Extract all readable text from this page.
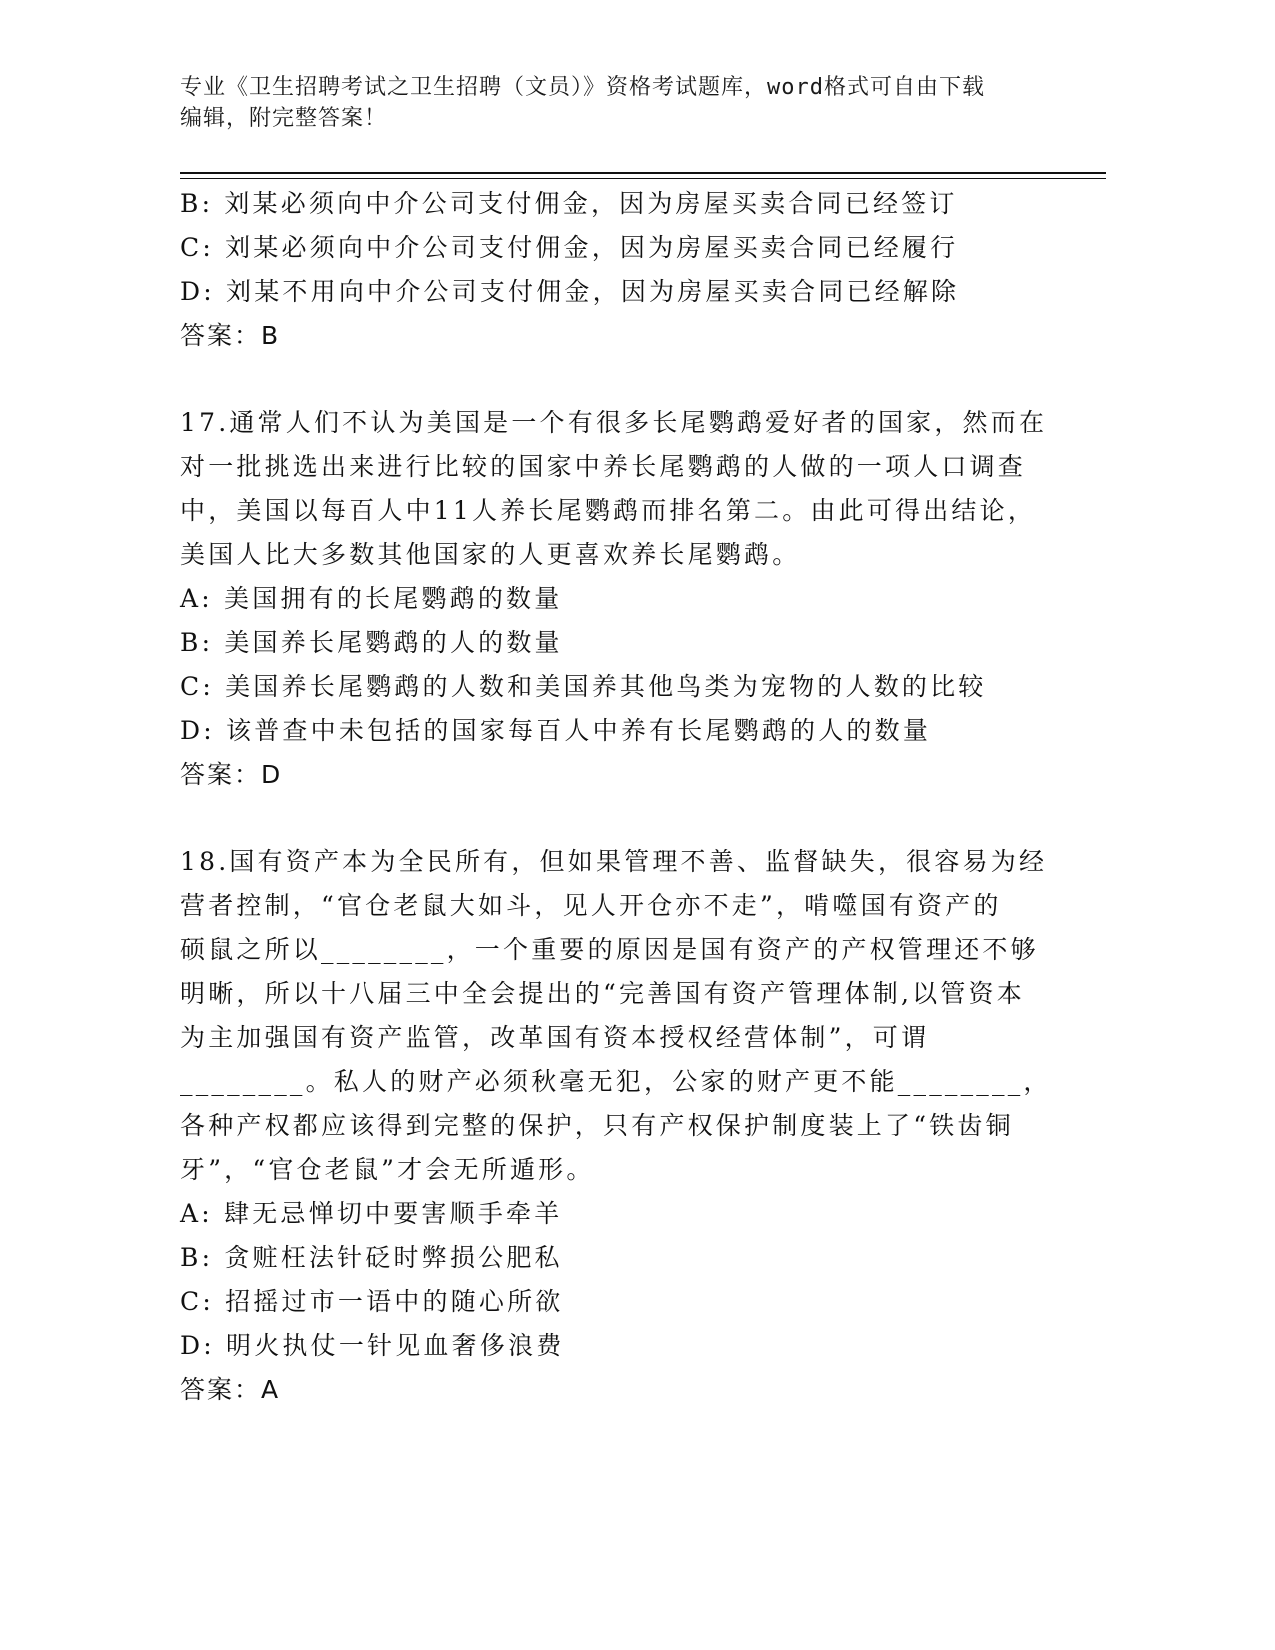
专业《卫生招聘考试之卫生招聘（文员）》资格考试题库，word格式可自由下载
编辑，附完整答案！
B: 刘某必须向中介公司支付佣金，因为房屋买卖合同已经签订
C: 刘某必须向中介公司支付佣金，因为房屋买卖合同已经履行
D: 刘某不用向中介公司支付佣金，因为房屋买卖合同已经解除
答案：B
17.通常人们不认为美国是一个有很多长尾鹦鹉爱好者的国家，然而在
对一批挑选出来进行比较的国家中养长尾鹦鹉的人做的一项人口调查
中，美国以每百人中11人养长尾鹦鹉而排名第二。由此可得出结论，
美国人比大多数其他国家的人更喜欢养长尾鹦鹉。
A: 美国拥有的长尾鹦鹉的数量
B: 美国养长尾鹦鹉的人的数量
C: 美国养长尾鹦鹉的人数和美国养其他鸟类为宠物的人数的比较
D: 该普查中未包括的国家每百人中养有长尾鹦鹉的人的数量
答案：D
18.国有资产本为全民所有，但如果管理不善、监督缺失，很容易为经
营者控制，“官仓老鼠大如斗，见人开仓亦不走”，啃噬国有资产的
硕鼠之所以________，一个重要的原因是国有资产的产权管理还不够
明晰，所以十八届三中全会提出的“完善国有资产管理体制,以管资本
为主加强国有资产监管，改革国有资本授权经营体制”，可谓
________。私人的财产必须秋毫无犯，公家的财产更不能________，
各种产权都应该得到完整的保护，只有产权保护制度装上了“铁齿铜
牙”，“官仓老鼠”才会无所遁形。
A: 肆无忌惮切中要害顺手牵羊
B: 贪赃枉法针砭时弊损公肥私
C: 招摇过市一语中的随心所欲
D: 明火执仗一针见血奢侈浪费
答案：A
